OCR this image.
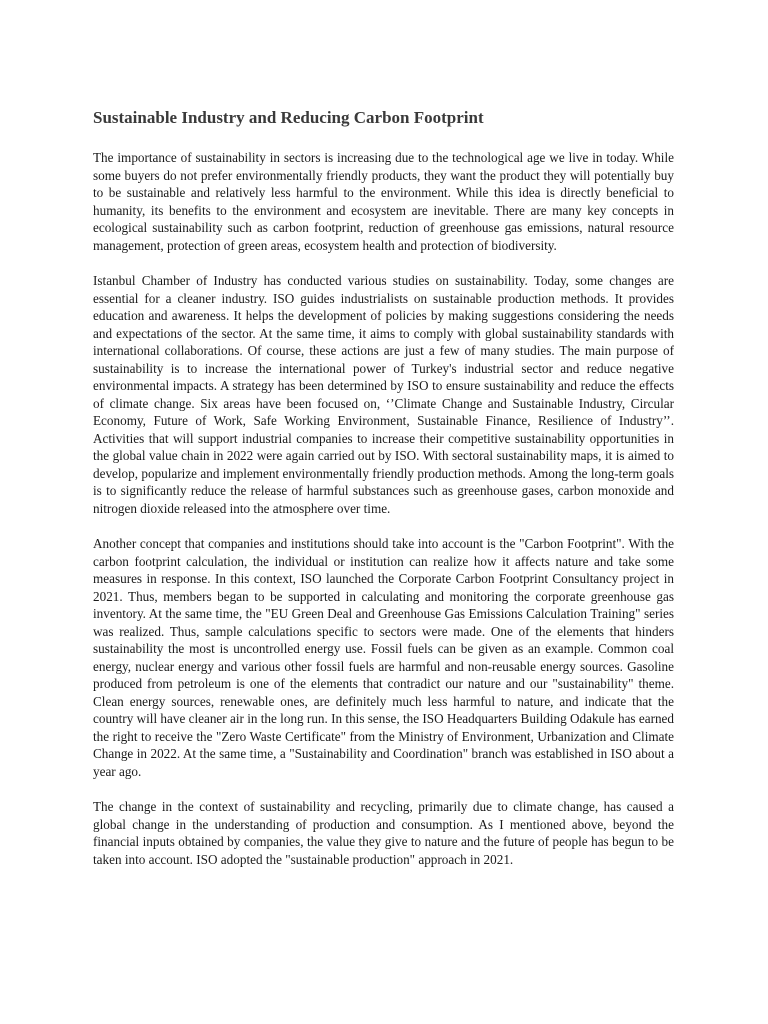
Sustainable Industry and Reducing Carbon Footprint

The importance of sustainability in sectors is increasing due to the technological age we live in today. While some buyers do not prefer environmentally friendly products, they want the product they will potentially buy to be sustainable and relatively less harmful to the environment. While this idea is directly beneficial to humanity, its benefits to the environment and ecosystem are inevitable. There are many key concepts in ecological sustainability such as carbon footprint, reduction of greenhouse gas emissions, natural resource management, protection of green areas, ecosystem health and protection of biodiversity.

Istanbul Chamber of Industry has conducted various studies on sustainability. Today, some changes are essential for a cleaner industry. ISO guides industrialists on sustainable production methods. It provides education and awareness. It helps the development of policies by making suggestions considering the needs and expectations of the sector. At the same time, it aims to comply with global sustainability standards with international collaborations. Of course, these actions are just a few of many studies. The main purpose of sustainability is to increase the international power of Turkey's industrial sector and reduce negative environmental impacts. A strategy has been determined by ISO to ensure sustainability and reduce the effects of climate change. Six areas have been focused on, ‘’Climate Change and Sustainable Industry, Circular Economy, Future of Work, Safe Working Environment, Sustainable Finance, Resilience of Industry’’. Activities that will support industrial companies to increase their competitive sustainability opportunities in the global value chain in 2022 were again carried out by ISO. With sectoral sustainability maps, it is aimed to develop, popularize and implement environmentally friendly production methods. Among the long-term goals is to significantly reduce the release of harmful substances such as greenhouse gases, carbon monoxide and nitrogen dioxide released into the atmosphere over time.

Another concept that companies and institutions should take into account is the "Carbon Footprint". With the carbon footprint calculation, the individual or institution can realize how it affects nature and take some measures in response. In this context, ISO launched the Corporate Carbon Footprint Consultancy project in 2021. Thus, members began to be supported in calculating and monitoring the corporate greenhouse gas inventory. At the same time, the "EU Green Deal and Greenhouse Gas Emissions Calculation Training" series was realized. Thus, sample calculations specific to sectors were made. One of the elements that hinders sustainability the most is uncontrolled energy use. Fossil fuels can be given as an example. Common coal energy, nuclear energy and various other fossil fuels are harmful and non-reusable energy sources. Gasoline produced from petroleum is one of the elements that contradict our nature and our "sustainability" theme. Clean energy sources, renewable ones, are definitely much less harmful to nature, and indicate that the country will have cleaner air in the long run. In this sense, the ISO Headquarters Building Odakule has earned the right to receive the "Zero Waste Certificate" from the Ministry of Environment, Urbanization and Climate Change in 2022. At the same time, a "Sustainability and Coordination" branch was established in ISO about a year ago.

The change in the context of sustainability and recycling, primarily due to climate change, has caused a global change in the understanding of production and consumption. As I mentioned above, beyond the financial inputs obtained by companies, the value they give to nature and the future of people has begun to be taken into account. ISO adopted the "sustainable production" approach in 2021.
